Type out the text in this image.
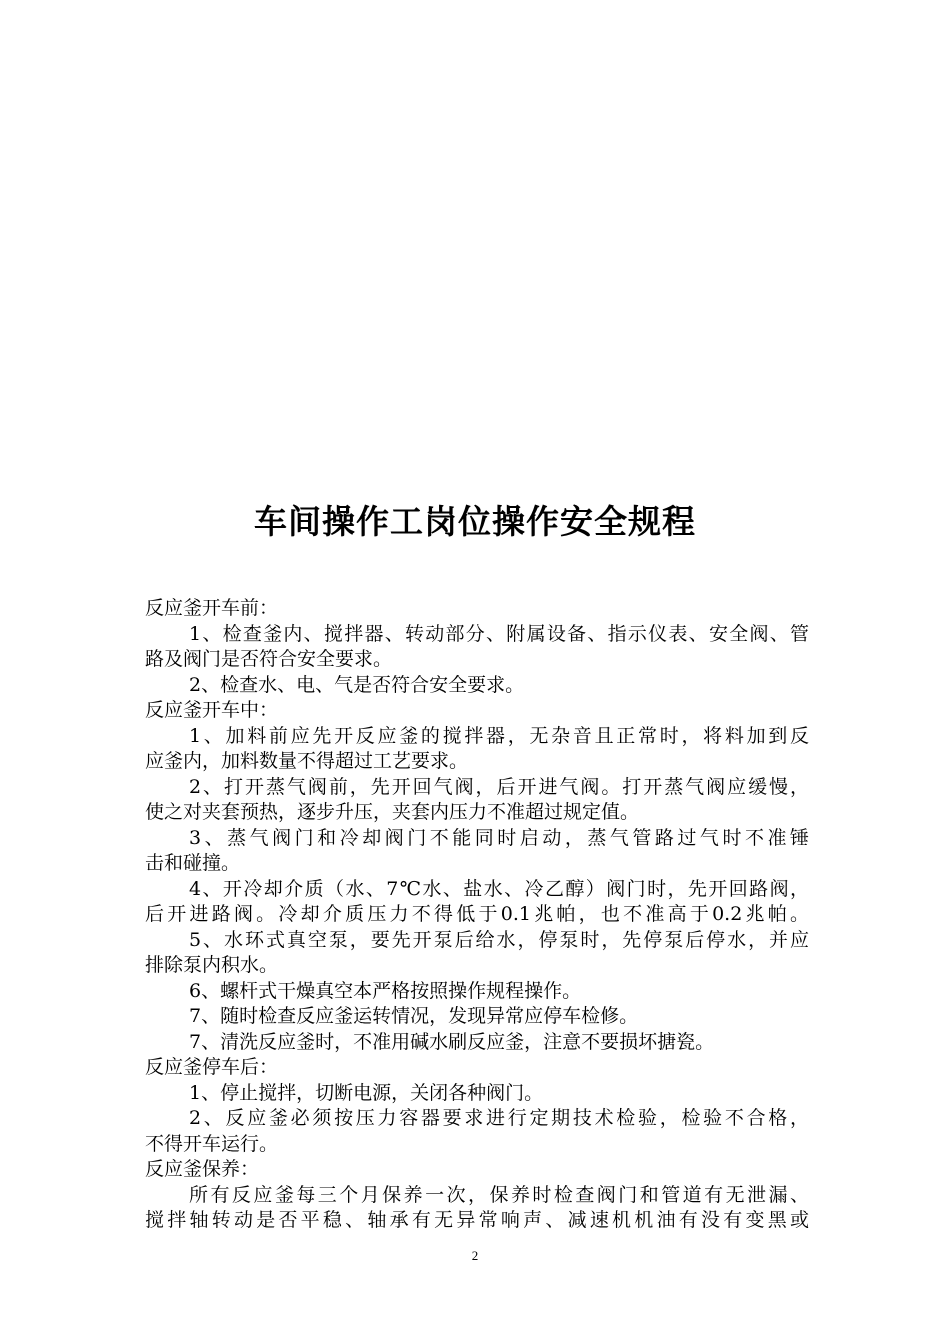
车间操作工岗位操作安全规程
反应釜开车前：
1、检查釜内、搅拌器、转动部分、附属设备、指示仪表、安全阀、管
路及阀门是否符合安全要求。
2、检查水、电、气是否符合安全要求。
反应釜开车中：
1、加料前应先开反应釜的搅拌器，无杂音且正常时，将料加到反
应釜内，加料数量不得超过工艺要求。
2、打开蒸气阀前，先开回气阀，后开进气阀。打开蒸气阀应缓慢，
使之对夹套预热，逐步升压，夹套内压力不准超过规定值。
3、蒸气阀门和冷却阀门不能同时启动，蒸气管路过气时不准锤
击和碰撞。
4、开冷却介质（水、7℃水、盐水、冷乙醇）阀门时，先开回路阀，
后开进路阀。冷却介质压力不得低于0.1兆帕，也不准高于0.2兆帕。
5、水环式真空泵，要先开泵后给水，停泵时，先停泵后停水，并应
排除泵内积水。
6、螺杆式干燥真空本严格按照操作规程操作。
7、随时检查反应釜运转情况，发现异常应停车检修。
7、清洗反应釜时，不准用碱水刷反应釜，注意不要损坏搪瓷。
反应釜停车后：
1、停止搅拌，切断电源，关闭各种阀门。
2、反应釜必须按压力容器要求进行定期技术检验，检验不合格，
不得开车运行。
反应釜保养：
所有反应釜每三个月保养一次，保养时检查阀门和管道有无泄漏、
搅拌轴转动是否平稳、轴承有无异常响声、减速机机油有没有变黑或
2
